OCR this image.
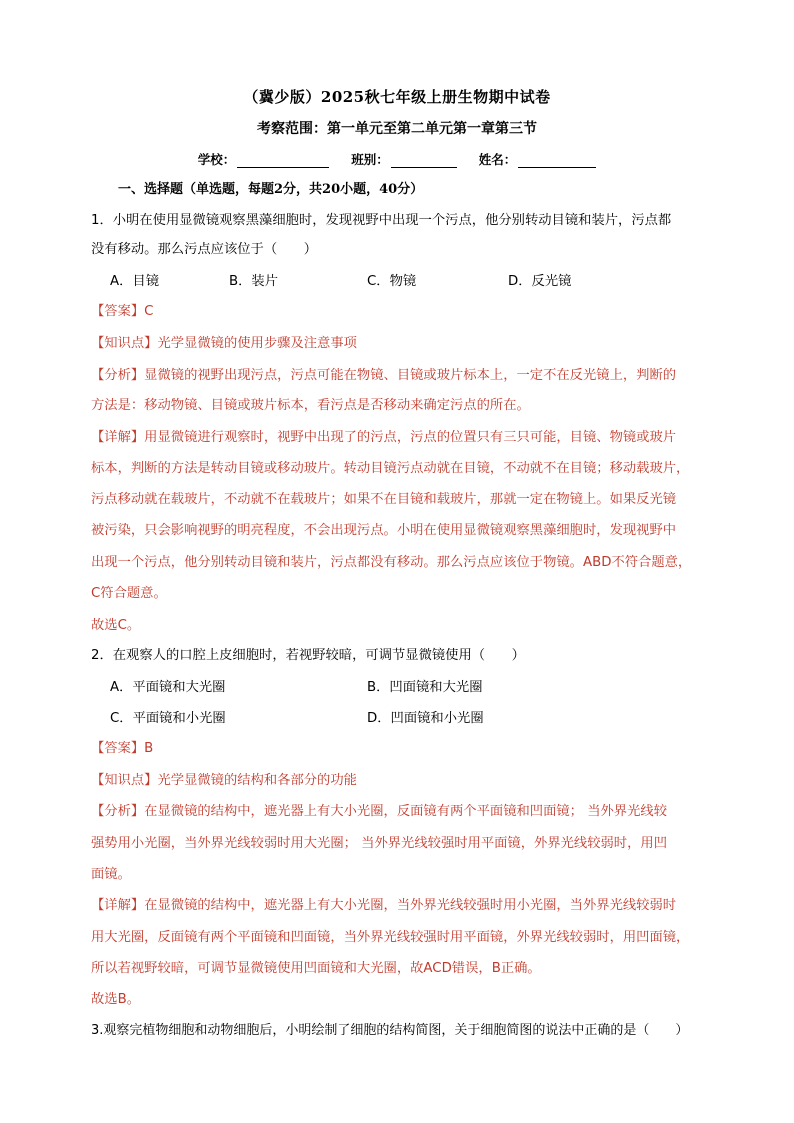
（冀少版）2025秋七年级上册生物期中试卷
考察范围：第一单元至第二单元第一章第三节
学校：	班别：	姓名：
一、选择题（单选题，每题2分，共20小题，40分）
1．小明在使用显微镜观察黑藻细胞时，发现视野中出现一个污点，他分别转动目镜和装片，污点都
没有移动。那么污点应该位于（　　）
A．目镜	B．装片	C．物镜	D．反光镜
【答案】C
【知识点】光学显微镜的使用步骤及注意事项
【分析】显微镜的视野出现污点，污点可能在物镜、目镜或玻片标本上，一定不在反光镜上，判断的
方法是：移动物镜、目镜或玻片标本，看污点是否移动来确定污点的所在。
【详解】用显微镜进行观察时，视野中出现了的污点，污点的位置只有三只可能，目镜、物镜或玻片
标本，判断的方法是转动目镜或移动玻片。转动目镜污点动就在目镜，不动就不在目镜；移动载玻片，
污点移动就在载玻片，不动就不在载玻片；如果不在目镜和载玻片，那就一定在物镜上。如果反光镜
被污染，只会影响视野的明亮程度，不会出现污点。小明在使用显微镜观察黑藻细胞时，发现视野中
出现一个污点，他分别转动目镜和装片，污点都没有移动。那么污点应该位于物镜。ABD不符合题意，
C符合题意。
故选C。
2．在观察人的口腔上皮细胞时，若视野较暗，可调节显微镜使用（　　）
A．平面镜和大光圈	B．凹面镜和大光圈
C．平面镜和小光圈	D．凹面镜和小光圈
【答案】B
【知识点】光学显微镜的结构和各部分的功能
【分析】在显微镜的结构中，遮光器上有大小光圈，反面镜有两个平面镜和凹面镜； 当外界光线较
强势用小光圈，当外界光线较弱时用大光圈； 当外界光线较强时用平面镜，外界光线较弱时，用凹
面镜。
【详解】在显微镜的结构中，遮光器上有大小光圈，当外界光线较强时用小光圈，当外界光线较弱时
用大光圈，反面镜有两个平面镜和凹面镜，当外界光线较强时用平面镜，外界光线较弱时，用凹面镜，
所以若视野较暗，可调节显微镜使用凹面镜和大光圈，故ACD错误，B正确。
故选B。
3.观察完植物细胞和动物细胞后，小明绘制了细胞的结构简图，关于细胞简图的说法中正确的是（　　）
